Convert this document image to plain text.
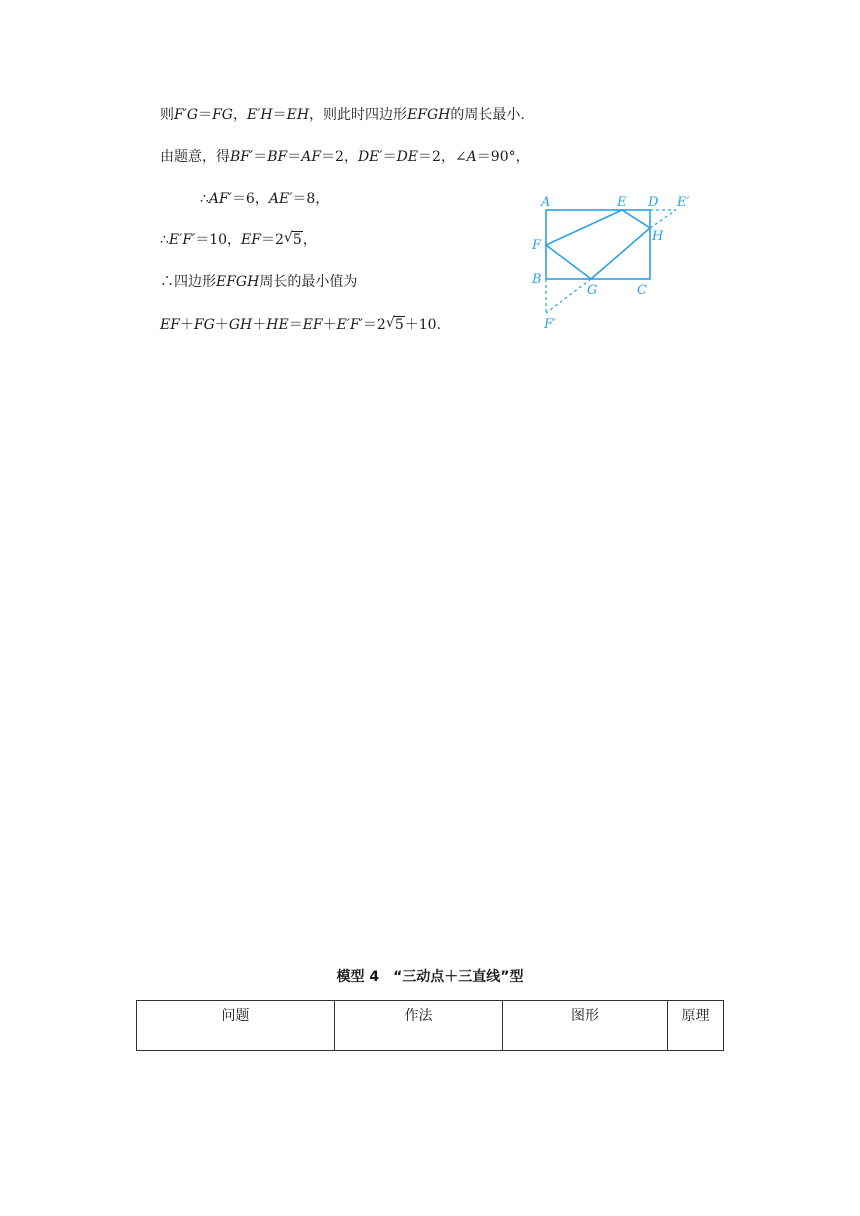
则F′G＝FG，E′H＝EH，则此时四边形EFGH的周长最小.
由题意，得BF′＝BF＝AF＝2，DE′＝DE＝2，∠A＝90°，
∴AF′＝6，AE′＝8，
∴E′F′＝10，EF＝2 √ 5，
∴四边形EFGH周长的最小值为
EF＋FG＋GH＋HE＝EF＋E′F′＝2 √ 5＋10.
A	E D E′
F
H
B
G	C
F′
模型 4　“三动点＋三直线”型
问题	作法	图形	原理
